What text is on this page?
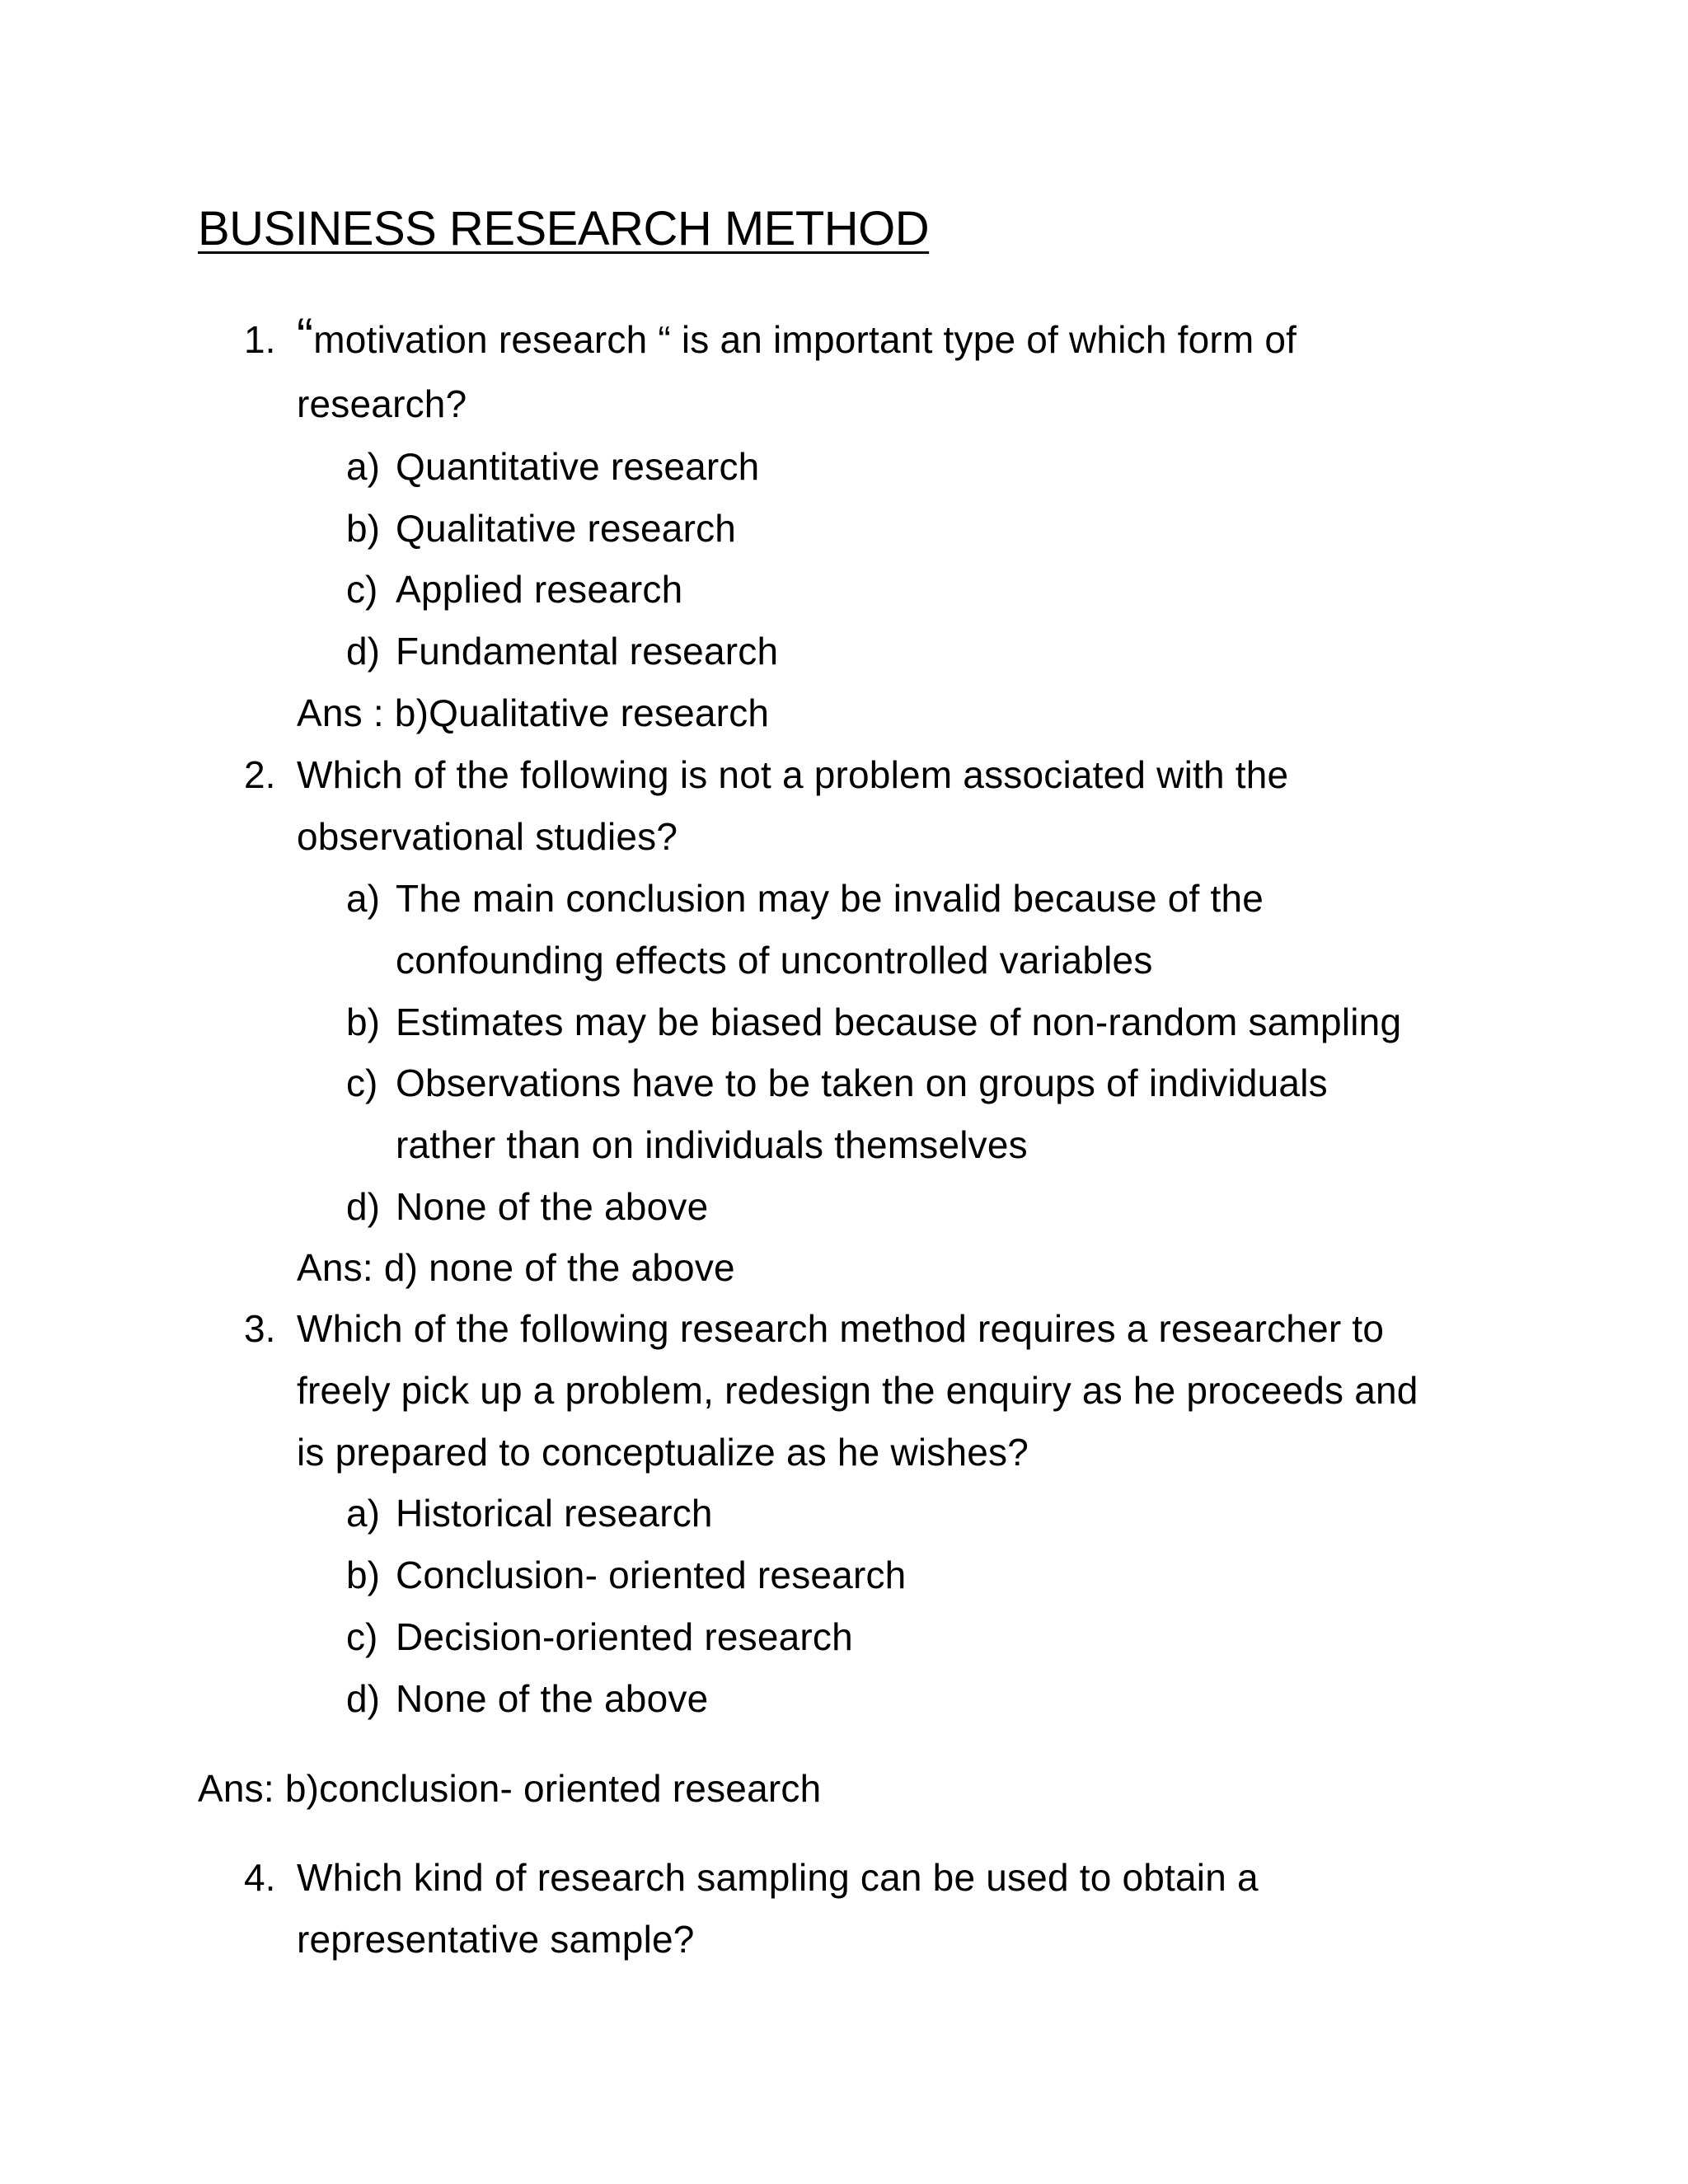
BUSINESS RESEARCH METHOD
1. “motivation research “ is an important type of which form of
research?
a) Quantitative research
b) Qualitative research
c) Applied research
d) Fundamental research
Ans : b)Qualitative research
2. Which of the following is not a problem associated with the
observational studies?
a) The main conclusion may be invalid because of the
confounding effects of uncontrolled variables
b) Estimates may be biased because of non-random sampling
c) Observations have to be taken on groups of individuals
rather than on individuals themselves
d) None of the above
Ans: d) none of the above
3. Which of the following research method requires a researcher to
freely pick up a problem, redesign the enquiry as he proceeds and
is prepared to conceptualize as he wishes?
a) Historical research
b) Conclusion- oriented research
c) Decision-oriented research
d) None of the above
Ans: b)conclusion- oriented research
4. Which kind of research sampling can be used to obtain a
representative sample?
